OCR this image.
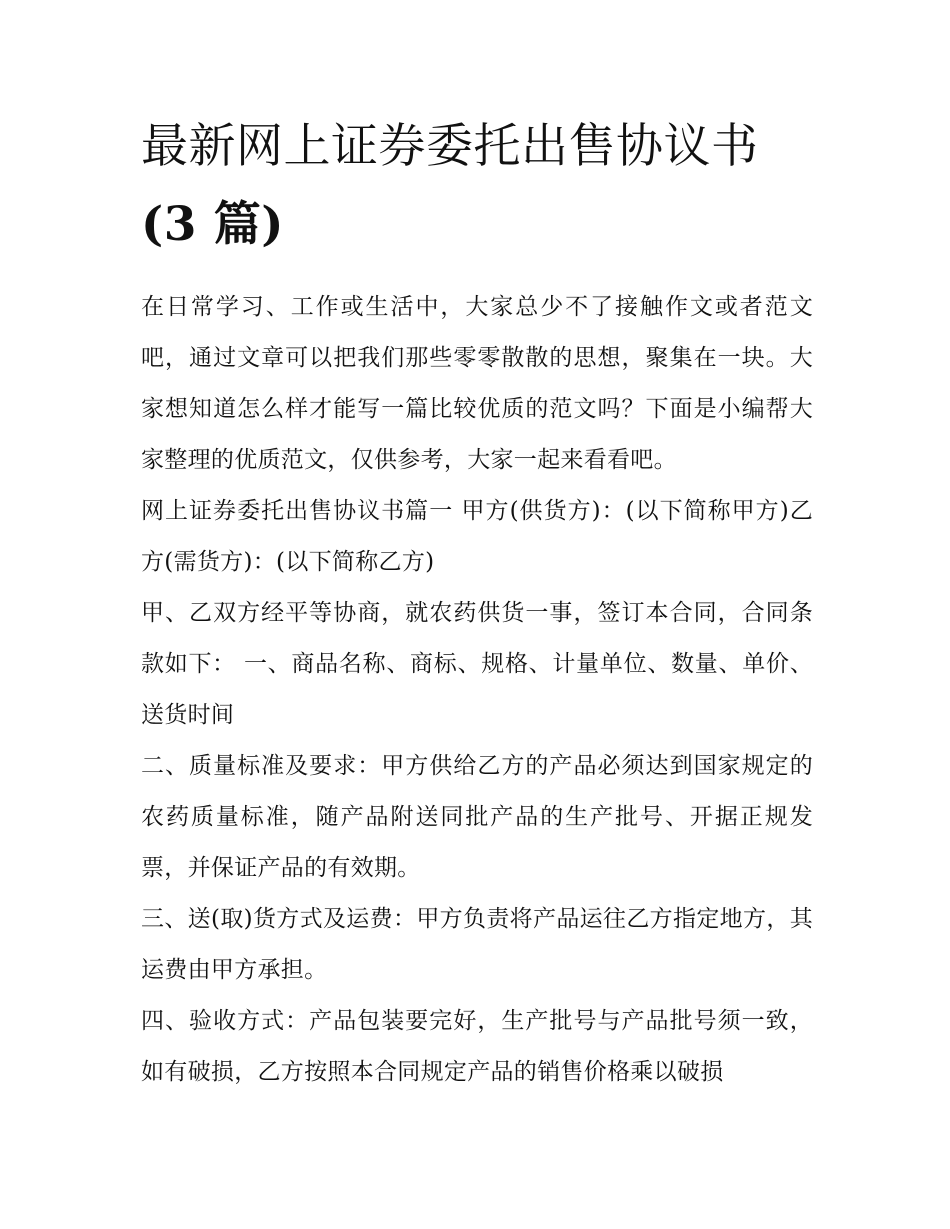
最新网上证券委托出售协议书
(3 篇)

在日常学习、工作或生活中，大家总少不了接触作文或者范文吧，通过文章可以把我们那些零零散散的思想，聚集在一块。大家想知道怎么样才能写一篇比较优质的范文吗？下面是小编帮大家整理的优质范文，仅供参考，大家一起来看看吧。

网上证券委托出售协议书篇一 甲方(供货方)：(以下简称甲方)乙方(需货方)：(以下简称乙方)

甲、乙双方经平等协商，就农药供货一事，签订本合同，合同条款如下： 一、商品名称、商标、规格、计量单位、数量、单价、送货时间

二、质量标准及要求：甲方供给乙方的产品必须达到国家规定的农药质量标准，随产品附送同批产品的生产批号、开据正规发票，并保证产品的有效期。

三、送(取)货方式及运费：甲方负责将产品运往乙方指定地方，其运费由甲方承担。

四、验收方式：产品包装要完好，生产批号与产品批号须一致，如有破损，乙方按照本合同规定产品的销售价格乘以破损
